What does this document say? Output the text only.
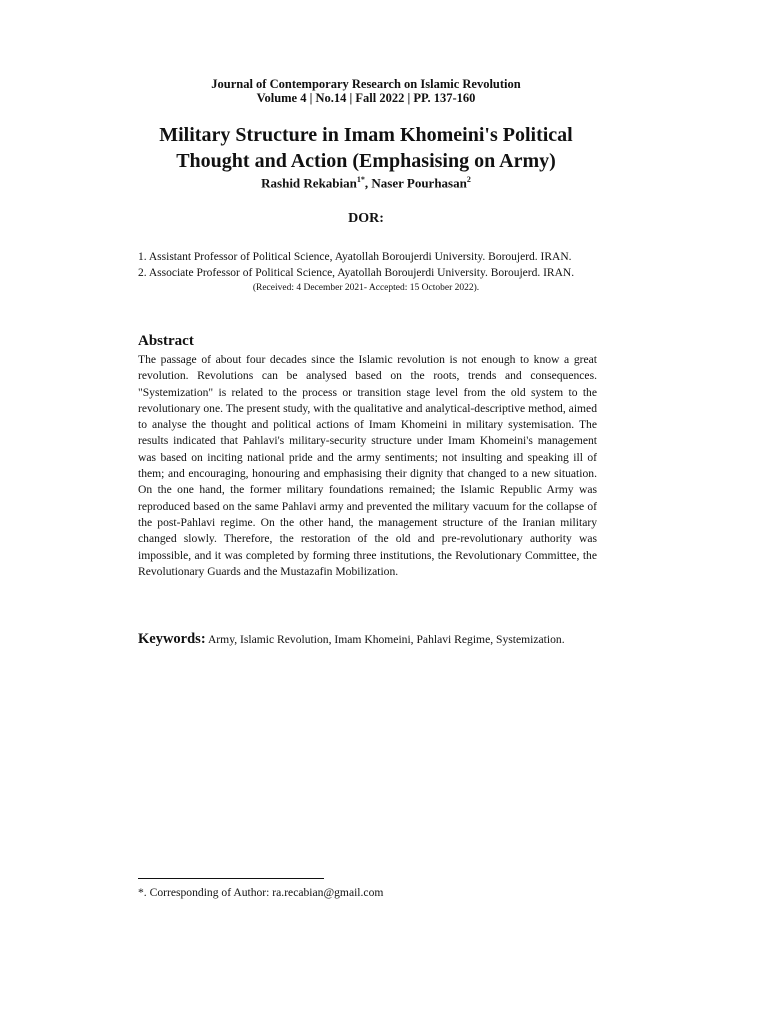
Journal of Contemporary Research on Islamic Revolution
Volume 4 | No.14 | Fall 2022 | PP. 137-160
Military Structure in Imam Khomeini's Political
Thought and Action (Emphasising on Army)
Rashid Rekabian$^{1*}$, Naser Pourhasan$^2$
DOR:
1. Assistant Professor of Political Science, Ayatollah Boroujerdi University. Boroujerd. IRAN.
2. Associate Professor of Political Science, Ayatollah Boroujerdi University. Boroujerd. IRAN.
(Received: 4 December 2021- Accepted: 15 October 2022).
Abstract
The passage of about four decades since the Islamic revolution is not enough to know a great revolution. Revolutions can be analysed based on the roots, trends and consequences. "Systemization" is related to the process or transition stage level from the old system to the revolutionary one. The present study, with the qualitative and analytical-descriptive method, aimed to analyse the thought and political actions of Imam Khomeini in military systemisation. The results indicated that Pahlavi's military-security structure under Imam Khomeini's management was based on inciting national pride and the army sentiments; not insulting and speaking ill of them; and encouraging, honouring and emphasising their dignity that changed to a new situation. On the one hand, the former military foundations remained; the Islamic Republic Army was reproduced based on the same Pahlavi army and prevented the military vacuum for the collapse of the post-Pahlavi regime. On the other hand, the management structure of the Iranian military changed slowly. Therefore, the restoration of the old and pre-revolutionary authority was impossible, and it was completed by forming three institutions, the Revolutionary Committee, the Revolutionary Guards and the Mustazafin Mobilization.
Keywords: Army, Islamic Revolution, Imam Khomeini, Pahlavi Regime, Systemization.
*. Corresponding of Author: ra.recabian@gmail.com
